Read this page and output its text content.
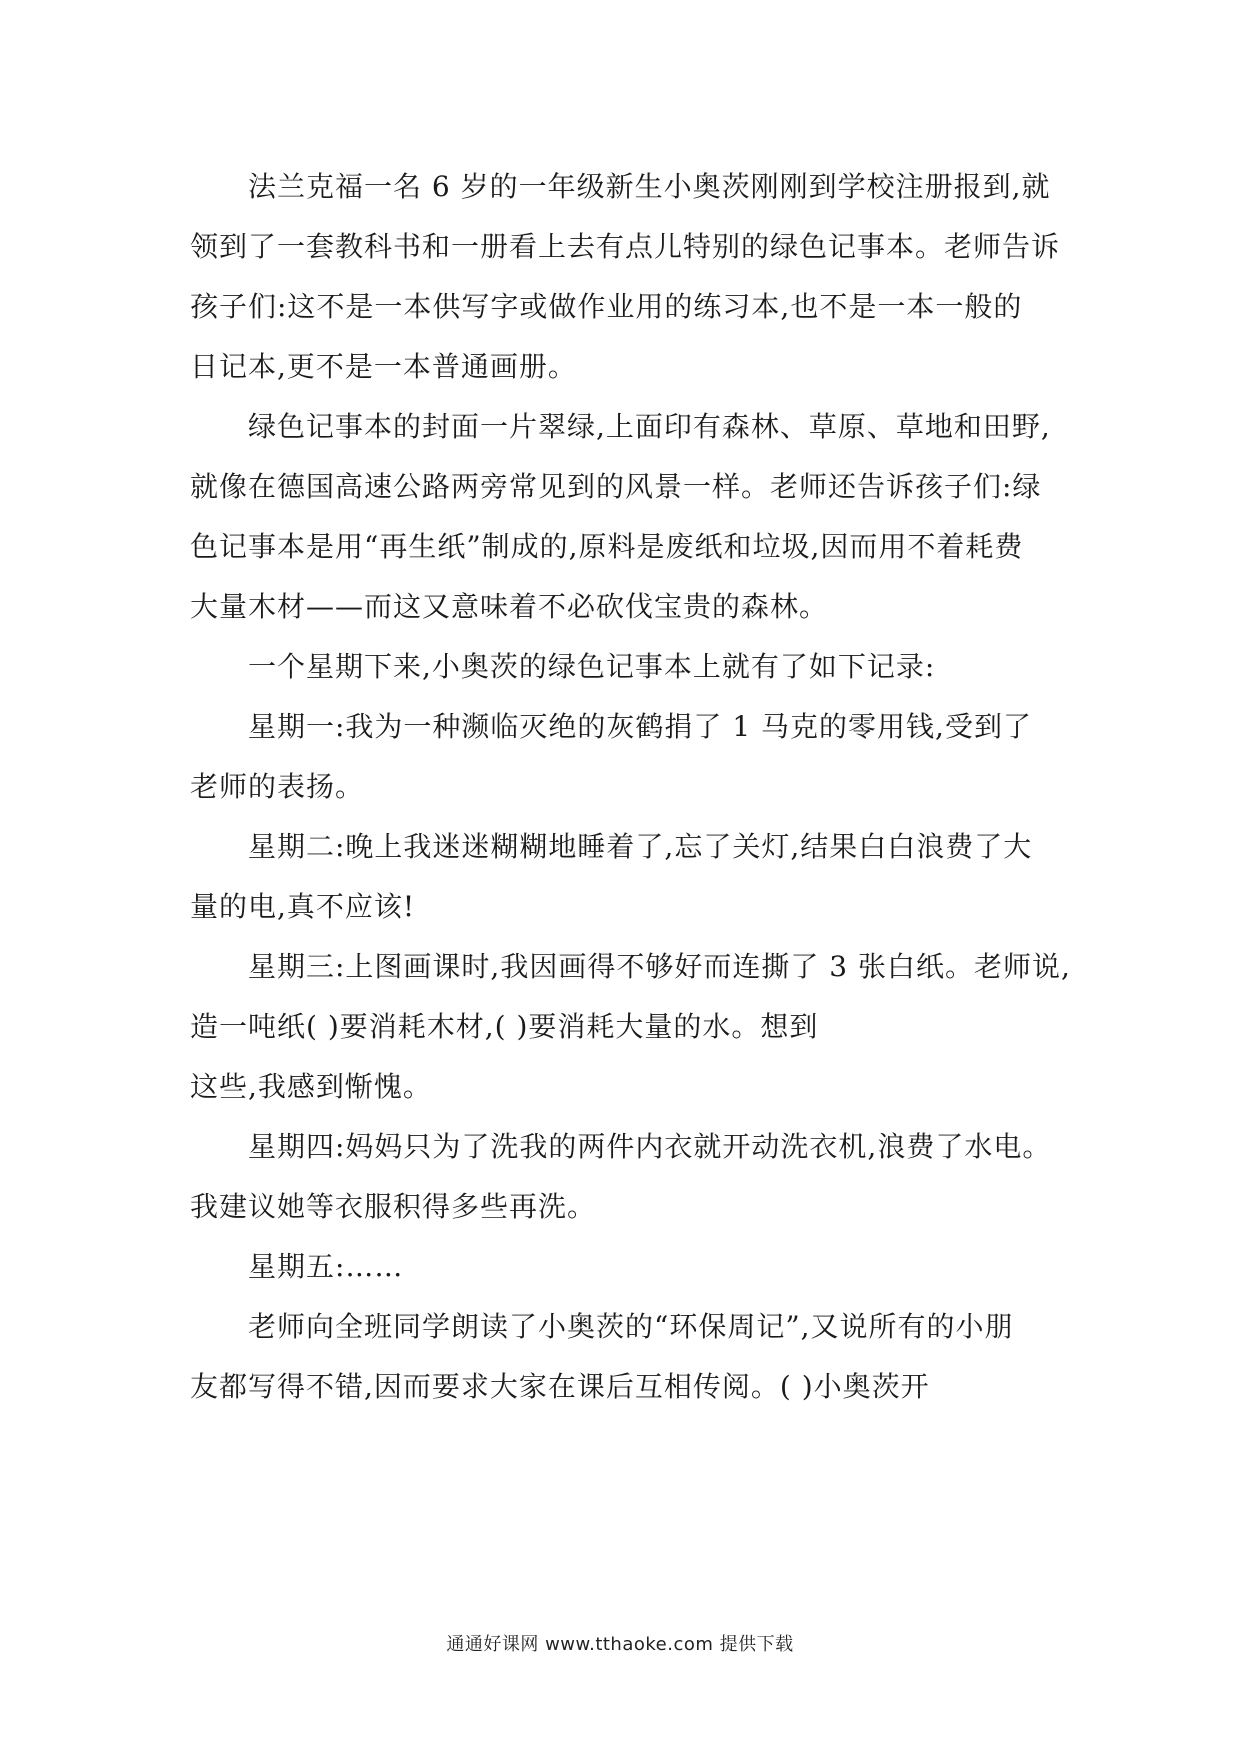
法兰克福一名 6 岁的一年级新生小奥茨刚刚到学校注册报到,就
领到了一套教科书和一册看上去有点儿特别的绿色记事本。老师告诉
孩子们:这不是一本供写字或做作业用的练习本,也不是一本一般的
日记本,更不是一本普通画册。
绿色记事本的封面一片翠绿,上面印有森林、草原、草地和田野,
就像在德国高速公路两旁常见到的风景一样。老师还告诉孩子们:绿
色记事本是用“再生纸”制成的,原料是废纸和垃圾,因而用不着耗费
大量木材——而这又意味着不必砍伐宝贵的森林。
一个星期下来,小奥茨的绿色记事本上就有了如下记录:
星期一:我为一种濒临灭绝的灰鹤捐了 1 马克的零用钱,受到了
老师的表扬。
星期二:晚上我迷迷糊糊地睡着了,忘了关灯,结果白白浪费了大
量的电,真不应该!
星期三:上图画课时,我因画得不够好而连撕了 3 张白纸。老师说,
造一吨纸( )要消耗木材,( )要消耗大量的水。想到
这些,我感到惭愧。
星期四:妈妈只为了洗我的两件内衣就开动洗衣机,浪费了水电。
我建议她等衣服积得多些再洗。
星期五:……
老师向全班同学朗读了小奥茨的“环保周记”,又说所有的小朋
友都写得不错,因而要求大家在课后互相传阅。( )小奥茨开
通通好课网 www.tthaoke.com 提供下载
